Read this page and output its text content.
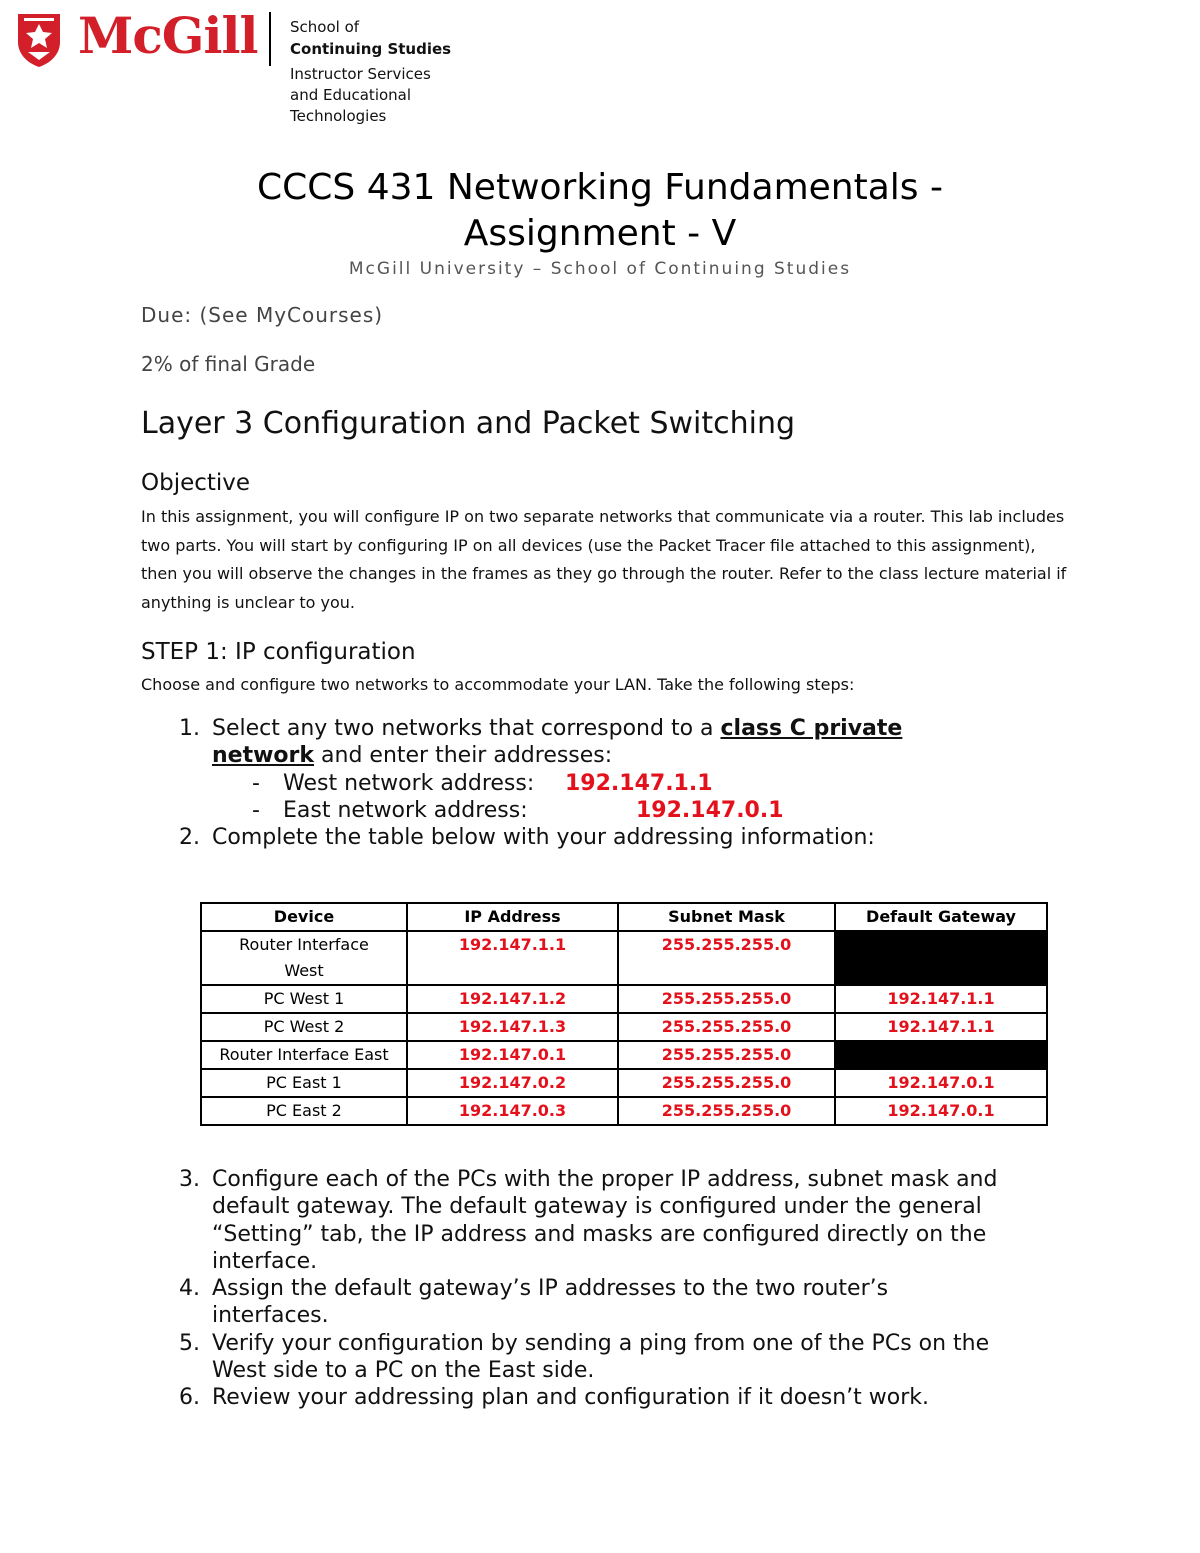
McGill School of
Continuing Studies
Instructor Services
and Educational
Technologies
CCCS 431 Networking Fundamentals -
Assignment - V
McGill University – School of Continuing Studies
Due: (See MyCourses)
2% of final Grade
Layer 3 Configuration and Packet Switching
Objective
In this assignment, you will configure IP on two separate networks that communicate via a router. This lab includes two parts. You will start by configuring IP on all devices (use the Packet Tracer file attached to this assignment), then you will observe the changes in the frames as they go through the router. Refer to the class lecture material if anything is unclear to you.
STEP 1: IP configuration
Choose and configure two networks to accommodate your LAN. Take the following steps:
1. Select any two networks that correspond to a class C private
network and enter their addresses:
- West network address: 192.147.1.1
- East network address:	192.147.0.1
2. Complete the table below with your addressing information:
Device	IP Address	Subnet Mask	Default Gateway
Router Interface
West	192.147.1.1	255.255.255.0	
PC West 1	192.147.1.2	255.255.255.0	192.147.1.1
PC West 2	192.147.1.3	255.255.255.0	192.147.1.1
Router Interface East	192.147.0.1	255.255.255.0	
PC East 1	192.147.0.2	255.255.255.0	192.147.0.1
PC East 2	192.147.0.3	255.255.255.0	192.147.0.1
3. Configure each of the PCs with the proper IP address, subnet mask and
default gateway. The default gateway is configured under the general
“Setting” tab, the IP address and masks are configured directly on the
interface.
4. Assign the default gateway’s IP addresses to the two router’s
interfaces.
5. Verify your configuration by sending a ping from one of the PCs on the
West side to a PC on the East side.
6. Review your addressing plan and configuration if it doesn’t work.
